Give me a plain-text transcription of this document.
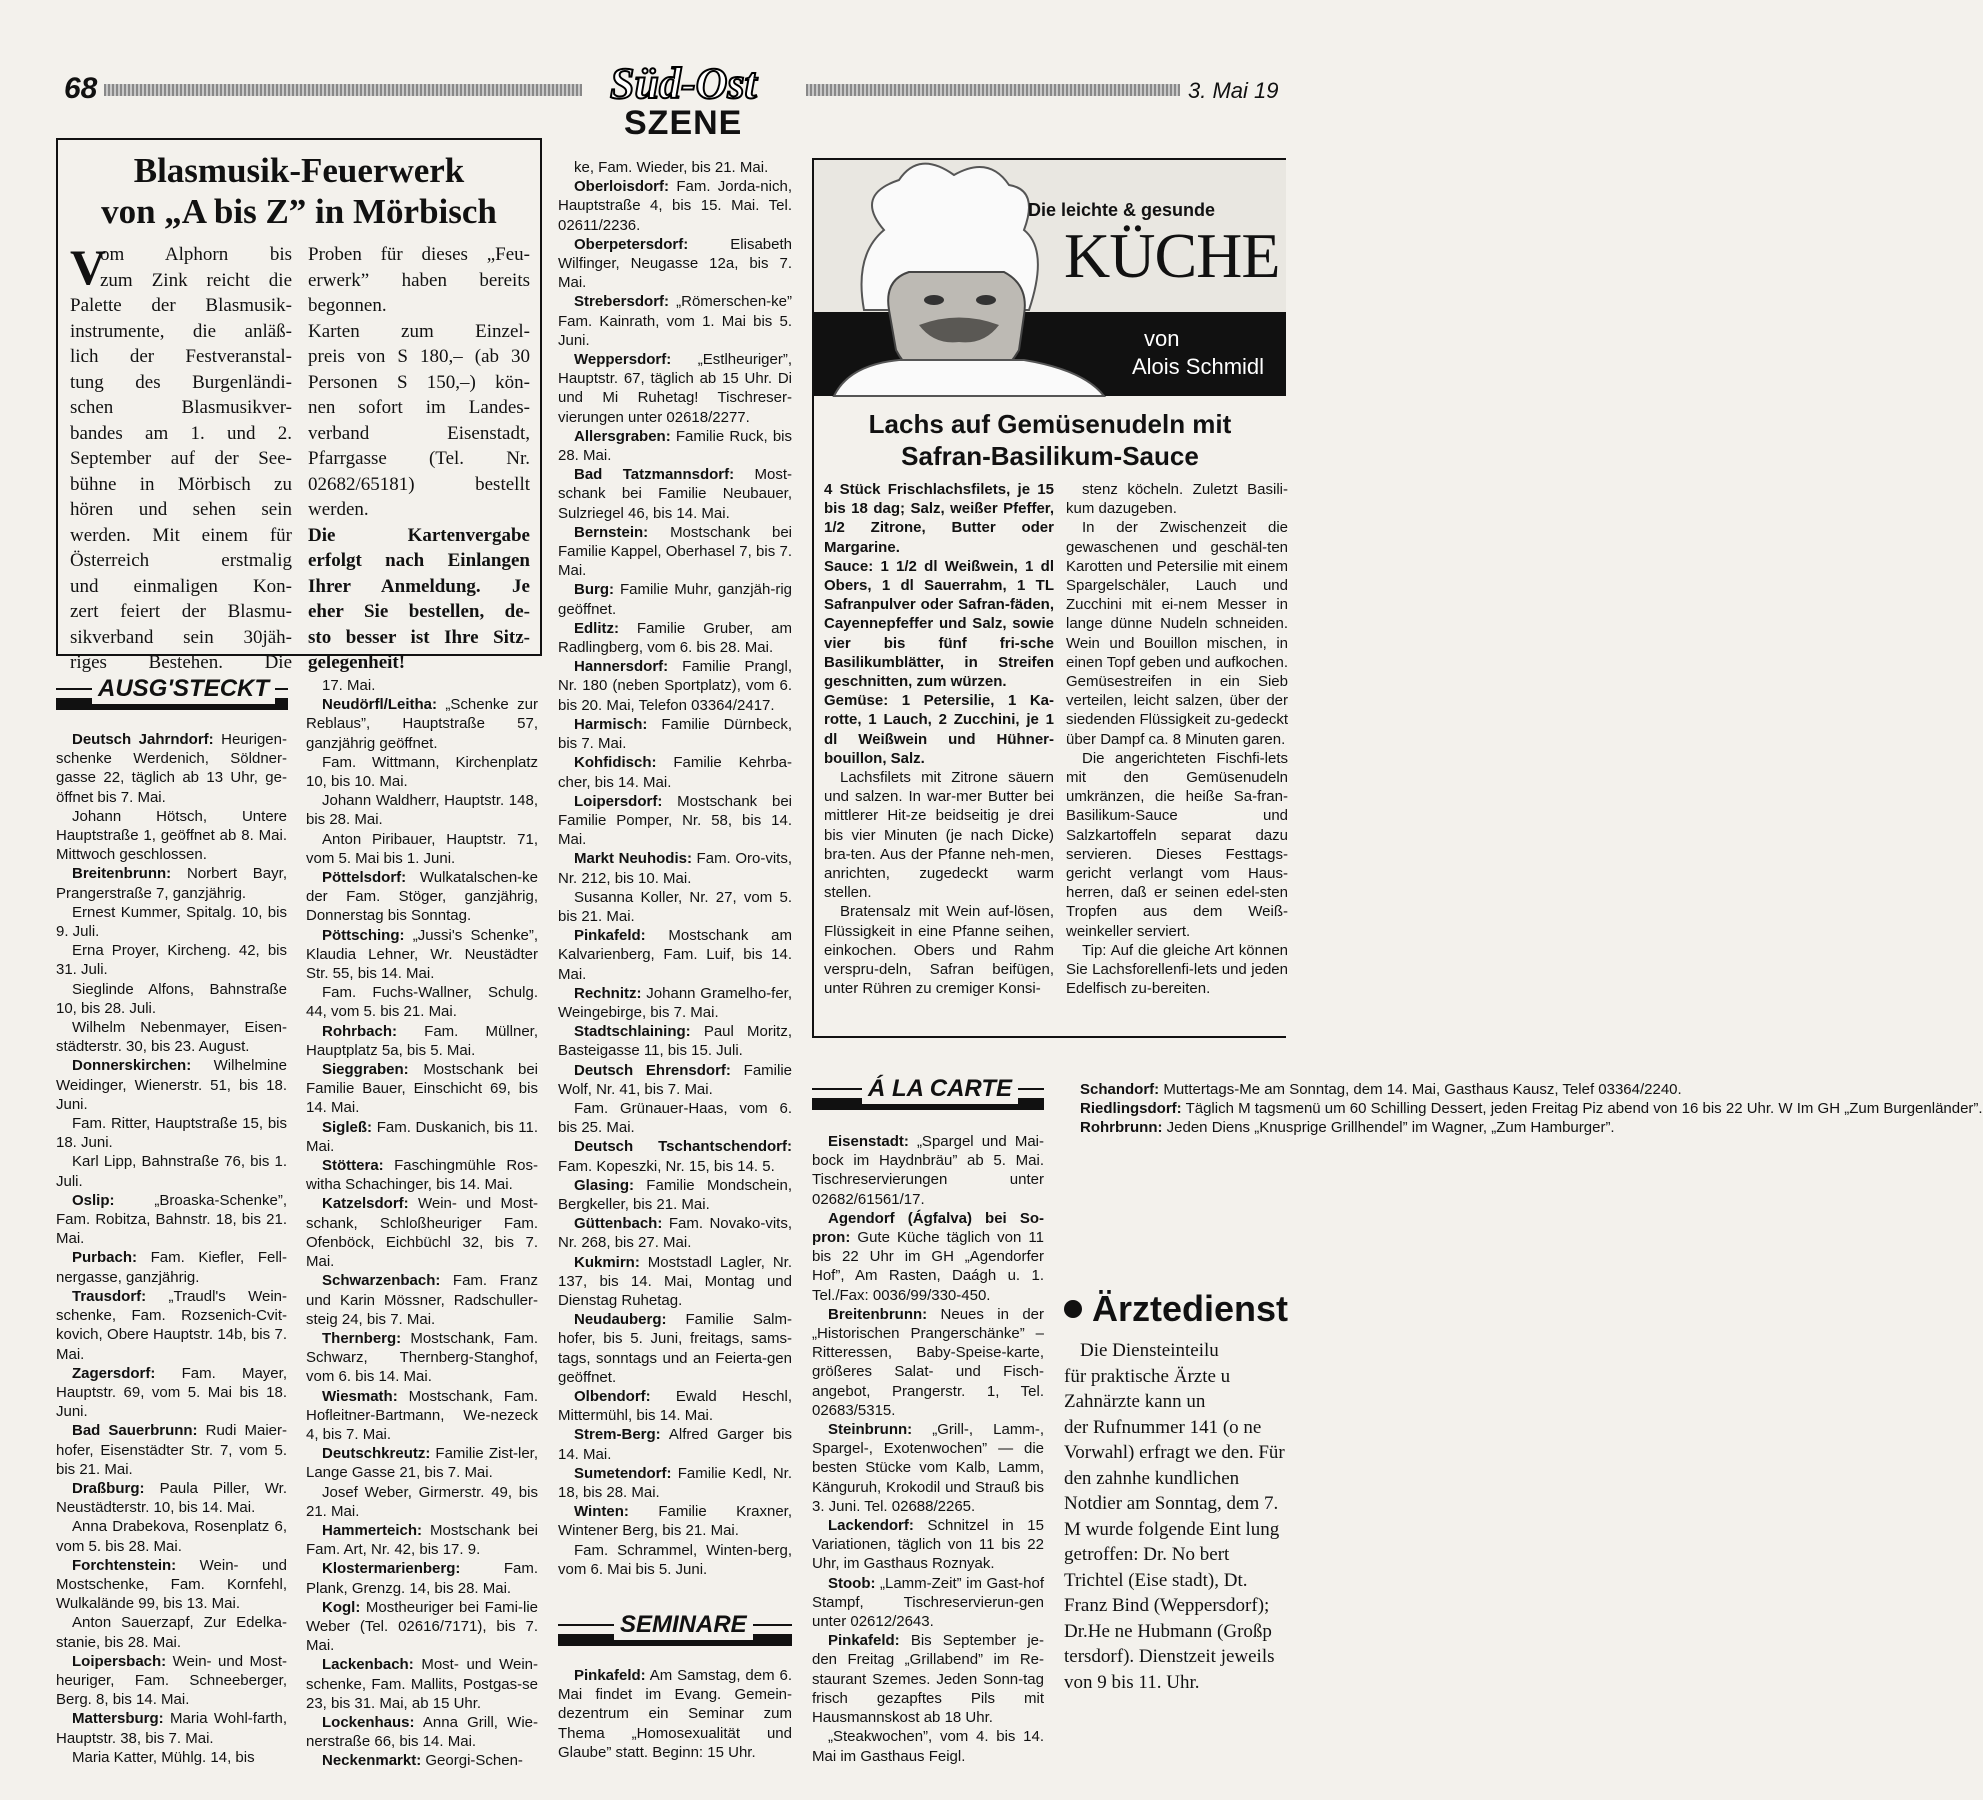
68	Süd-Ost
SZENE
3. Mai 19
Blasmusik-Feuerwerk
von „A bis Z” in Mörbisch
V
om Alphorn bis
zum Zink reicht die
Palette der Blasmusik-
instrumente, die anläß-
lich der Festveranstal-
tung des Burgenländi-
schen Blasmusikver-
bandes am 1. und 2.
September auf der See-
bühne in Mörbisch zu
hören und sehen sein
werden. Mit einem für
Österreich erstmalig
und einmaligen Kon-
zert feiert der Blasmu-
sikverband sein 30jäh-
riges Bestehen. Die
Proben für dieses „Feu-
erwerk” haben bereits
begonnen.
Karten zum Einzel-
preis von S 180,– (ab 30
Personen S 150,–) kön-
nen sofort im Landes-
verband Eisenstadt,
Pfarrgasse (Tel. Nr.
02682/65181) bestellt
werden.
Die Kartenvergabe
erfolgt nach Einlangen
Ihrer Anmeldung. Je
eher Sie bestellen, de-
sto besser ist Ihre Sitz-
gelegenheit!
AUSG'STECKT
Deutsch Jahrndorf: Heurigen-schenke Werdenich, Söldner-gasse 22, täglich ab 13 Uhr, ge-öffnet bis 7. Mai.
Johann Hötsch, Untere Hauptstraße 1, geöffnet ab 8. Mai. Mittwoch geschlossen.
Breitenbrunn: Norbert Bayr, Prangerstraße 7, ganzjährig.
Ernest Kummer, Spitalg. 10, bis 9. Juli.
Erna Proyer, Kircheng. 42, bis 31. Juli.
Sieglinde Alfons, Bahnstraße 10, bis 28. Juli.
Wilhelm Nebenmayer, Eisen-städterstr. 30, bis 23. August.
Donnerskirchen: Wilhelmine Weidinger, Wienerstr. 51, bis 18. Juni.
Fam. Ritter, Hauptstraße 15, bis 18. Juni.
Karl Lipp, Bahnstraße 76, bis 1. Juli.
Oslip: „Broaska-Schenke”, Fam. Robitza, Bahnstr. 18, bis 21. Mai.
Purbach: Fam. Kiefler, Fell-nergasse, ganzjährig.
Trausdorf: „Traudl's Wein-schenke, Fam. Rozsenich-Cvit-kovich, Obere Hauptstr. 14b, bis 7. Mai.
Zagersdorf: Fam. Mayer, Hauptstr. 69, vom 5. Mai bis 18. Juni.
Bad Sauerbrunn: Rudi Maier-hofer, Eisenstädter Str. 7, vom 5. bis 21. Mai.
Draßburg: Paula Piller, Wr. Neustädterstr. 10, bis 14. Mai.
Anna Drabekova, Rosenplatz 6, vom 5. bis 28. Mai.
Forchtenstein: Wein- und Mostschenke, Fam. Kornfehl, Wulkalände 99, bis 13. Mai.
Anton Sauerzapf, Zur Edelka-stanie, bis 28. Mai.
Loipersbach: Wein- und Most-heuriger, Fam. Schneeberger, Berg. 8, bis 14. Mai.
Mattersburg: Maria Wohl-farth, Hauptstr. 38, bis 7. Mai.
Maria Katter, Mühlg. 14, bis
17. Mai.
Neudörfl/Leitha: „Schenke zur Reblaus”, Hauptstraße 57, ganzjährig geöffnet.
Fam. Wittmann, Kirchenplatz 10, bis 10. Mai.
Johann Waldherr, Hauptstr. 148, bis 28. Mai.
Anton Piribauer, Hauptstr. 71, vom 5. Mai bis 1. Juni.
Pöttelsdorf: Wulkatalschen-ke der Fam. Stöger, ganzjährig, Donnerstag bis Sonntag.
Pöttsching: „Jussi's Schenke”, Klaudia Lehner, Wr. Neustädter Str. 55, bis 14. Mai.
Fam. Fuchs-Wallner, Schulg. 44, vom 5. bis 21. Mai.
Rohrbach: Fam. Müllner, Hauptplatz 5a, bis 5. Mai.
Sieggraben: Mostschank bei Familie Bauer, Einschicht 69, bis 14. Mai.
Sigleß: Fam. Duskanich, bis 11. Mai.
Stöttera: Faschingmühle Ros-witha Schachinger, bis 14. Mai.
Katzelsdorf: Wein- und Most-schank, Schloßheuriger Fam. Ofenböck, Eichbüchl 32, bis 7. Mai.
Schwarzenbach: Fam. Franz und Karin Mössner, Radschuller-steig 24, bis 7. Mai.
Thernberg: Mostschank, Fam. Schwarz, Thernberg-Stanghof, vom 6. bis 14. Mai.
Wiesmath: Mostschank, Fam. Hofleitner-Bartmann, We-nezeck 4, bis 7. Mai.
Deutschkreutz: Familie Zist-ler, Lange Gasse 21, bis 7. Mai.
Josef Weber, Girmerstr. 49, bis 21. Mai.
Hammerteich: Mostschank bei Fam. Art, Nr. 42, bis 17. 9.
Klostermarienberg: Fam. Plank, Grenzg. 14, bis 28. Mai.
Kogl: Mostheuriger bei Fami-lie Weber (Tel. 02616/7171), bis 7. Mai.
Lackenbach: Most- und Wein-schenke, Fam. Mallits, Postgas-se 23, bis 31. Mai, ab 15 Uhr.
Lockenhaus: Anna Grill, Wie-nerstraße 66, bis 14. Mai.
Neckenmarkt: Georgi-Schen-
ke, Fam. Wieder, bis 21. Mai.
Oberloisdorf: Fam. Jorda-nich, Hauptstraße 4, bis 15. Mai. Tel. 02611/2236.
Oberpetersdorf: Elisabeth Wilfinger, Neugasse 12a, bis 7. Mai.
Strebersdorf: „Römerschen-ke” Fam. Kainrath, vom 1. Mai bis 5. Juni.
Weppersdorf: „Estlheuriger”, Hauptstr. 67, täglich ab 15 Uhr. Di und Mi Ruhetag! Tischreser-vierungen unter 02618/2277.
Allersgraben: Familie Ruck, bis 28. Mai.
Bad Tatzmannsdorf: Most-schank bei Familie Neubauer, Sulzriegel 46, bis 14. Mai.
Bernstein: Mostschank bei Familie Kappel, Oberhasel 7, bis 7. Mai.
Burg: Familie Muhr, ganzjäh-rig geöffnet.
Edlitz: Familie Gruber, am Radlingberg, vom 6. bis 28. Mai.
Hannersdorf: Familie Prangl, Nr. 180 (neben Sportplatz), vom 6. bis 20. Mai, Telefon 03364/2417.
Harmisch: Familie Dürnbeck, bis 7. Mai.
Kohfidisch: Familie Kehrba-cher, bis 14. Mai.
Loipersdorf: Mostschank bei Familie Pomper, Nr. 58, bis 14. Mai.
Markt Neuhodis: Fam. Oro-vits, Nr. 212, bis 10. Mai.
Susanna Koller, Nr. 27, vom 5. bis 21. Mai.
Pinkafeld: Mostschank am Kalvarienberg, Fam. Luif, bis 14. Mai.
Rechnitz: Johann Gramelho-fer, Weingebirge, bis 7. Mai.
Stadtschlaining: Paul Moritz, Basteigasse 11, bis 15. Juli.
Deutsch Ehrensdorf: Familie Wolf, Nr. 41, bis 7. Mai.
Fam. Grünauer-Haas, vom 6. bis 25. Mai.
Deutsch Tschantschendorf: Fam. Kopeszki, Nr. 15, bis 14. 5.
Glasing: Familie Mondschein, Bergkeller, bis 21. Mai.
Güttenbach: Fam. Novako-vits, Nr. 268, bis 27. Mai.
Kukmirn: Moststadl Lagler, Nr. 137, bis 14. Mai, Montag und Dienstag Ruhetag.
Neudauberg: Familie Salm-hofer, bis 5. Juni, freitags, sams-tags, sonntags und an Feierta-gen geöffnet.
Olbendorf: Ewald Heschl, Mittermühl, bis 14. Mai.
Strem-Berg: Alfred Garger bis 14. Mai.
Sumetendorf: Familie Kedl, Nr. 18, bis 28. Mai.
Winten: Familie Kraxner, Wintener Berg, bis 21. Mai.
Fam. Schrammel, Winten-berg, vom 6. Mai bis 5. Juni.
SEMINARE
Pinkafeld: Am Samstag, dem 6. Mai findet im Evang. Gemein-dezentrum ein Seminar zum Thema „Homosexualität und Glaube” statt. Beginn: 15 Uhr.
Die leichte & gesunde
KÜCHE
von
Alois Schmidl
Lachs auf Gemüsenudeln mit
Safran-Basilikum-Sauce
4 Stück Frischlachsfilets, je 15 bis 18 dag; Salz, weißer Pfeffer, 1/2 Zitrone, Butter oder Margarine.
Sauce: 1 1/2 dl Weißwein, 1 dl Obers, 1 dl Sauerrahm, 1 TL Safranpulver oder Safran-fäden, Cayennepfeffer und Salz, sowie vier bis fünf fri-sche Basilikumblätter, in Streifen geschnitten, zum würzen.
Gemüse: 1 Petersilie, 1 Ka-rotte, 1 Lauch, 2 Zucchini, je 1 dl Weißwein und Hühner-bouillon, Salz.
Lachsfilets mit Zitrone säuern und salzen. In war-mer Butter bei mittlerer Hit-ze beidseitig je drei bis vier Minuten (je nach Dicke) bra-ten. Aus der Pfanne neh-men, anrichten, zugedeckt warm stellen.
Bratensalz mit Wein auf-lösen, Flüssigkeit in eine Pfanne seihen, einkochen. Obers und Rahm verspru-deln, Safran beifügen, unter Rühren zu cremiger Konsi-
stenz köcheln. Zuletzt Basili-kum dazugeben.
In der Zwischenzeit die gewaschenen und geschäl-ten Karotten und Petersilie mit einem Spargelschäler, Lauch und Zucchini mit ei-nem Messer in lange dünne Nudeln schneiden. Wein und Bouillon mischen, in einen Topf geben und aufkochen. Gemüsestreifen in ein Sieb verteilen, leicht salzen, über der siedenden Flüssigkeit zu-gedeckt über Dampf ca. 8 Minuten garen.
Die angerichteten Fischfi-lets mit den Gemüsenudeln umkränzen, die heiße Sa-fran-Basilikum-Sauce und Salzkartoffeln separat dazu servieren. Dieses Festtags-gericht verlangt vom Haus-herren, daß er seinen edel-sten Tropfen aus dem Weiß-weinkeller serviert.
Tip: Auf die gleiche Art können Sie Lachsforellenfi-lets und jeden Edelfisch zu-bereiten.
Á LA CARTE
Eisenstadt: „Spargel und Mai-bock im Haydnbräu” ab 5. Mai. Tischreservierungen unter 02682/61561/17.
Agendorf (Ágfalva) bei So-pron: Gute Küche täglich von 11 bis 22 Uhr im GH „Agendorfer Hof”, Am Rasten, Daágh u. 1. Tel./Fax: 0036/99/330-450.
Breitenbrunn: Neues in der „Historischen Prangerschänke” – Ritteressen, Baby-Speise-karte, größeres Salat- und Fisch-angebot, Prangerstr. 1, Tel. 02683/5315.
Steinbrunn: „Grill-, Lamm-, Spargel-, Exotenwochen” — die besten Stücke vom Kalb, Lamm, Känguruh, Krokodil und Strauß bis 3. Juni. Tel. 02688/2265.
Lackendorf: Schnitzel in 15 Variationen, täglich von 11 bis 22 Uhr, im Gasthaus Roznyak.
Stoob: „Lamm-Zeit” im Gast-hof Stampf, Tischreservierun-gen unter 02612/2643.
Pinkafeld: Bis September je-den Freitag „Grillabend” im Re-staurant Szemes. Jeden Sonn-tag frisch gezapftes Pils mit Hausmannskost ab 18 Uhr.
„Steakwochen”, vom 4. bis 14. Mai im Gasthaus Feigl.
Schandorf: Muttertags-Me am Sonntag, dem 14. Mai, Gasthaus Kausz, Telef 03364/2240.
Riedlingsdorf: Täglich M tagsmenü um 60 Schilling Dessert, jeden Freitag Piz abend von 16 bis 22 Uhr. W Im GH „Zum Burgenländer”.
Rohrbrunn: Jeden Diens „Knusprige Grillhendel” im Wagner, „Zum Hamburger”.
Ärztedienst
Die Diensteinteilu
für praktische Ärzte u
Zahnärzte kann un
der Rufnummer 141 (o ne Vorwahl) erfragt we den. Für den zahnhe kundlichen Notdier am Sonntag, dem 7. M wurde folgende Eint lung getroffen: Dr. No bert Trichtel (Eise stadt), Dt. Franz Bind (Weppersdorf); Dr.He ne Hubmann (Großp tersdorf). Dienstzeit jeweils von 9 bis 11. Uhr.
